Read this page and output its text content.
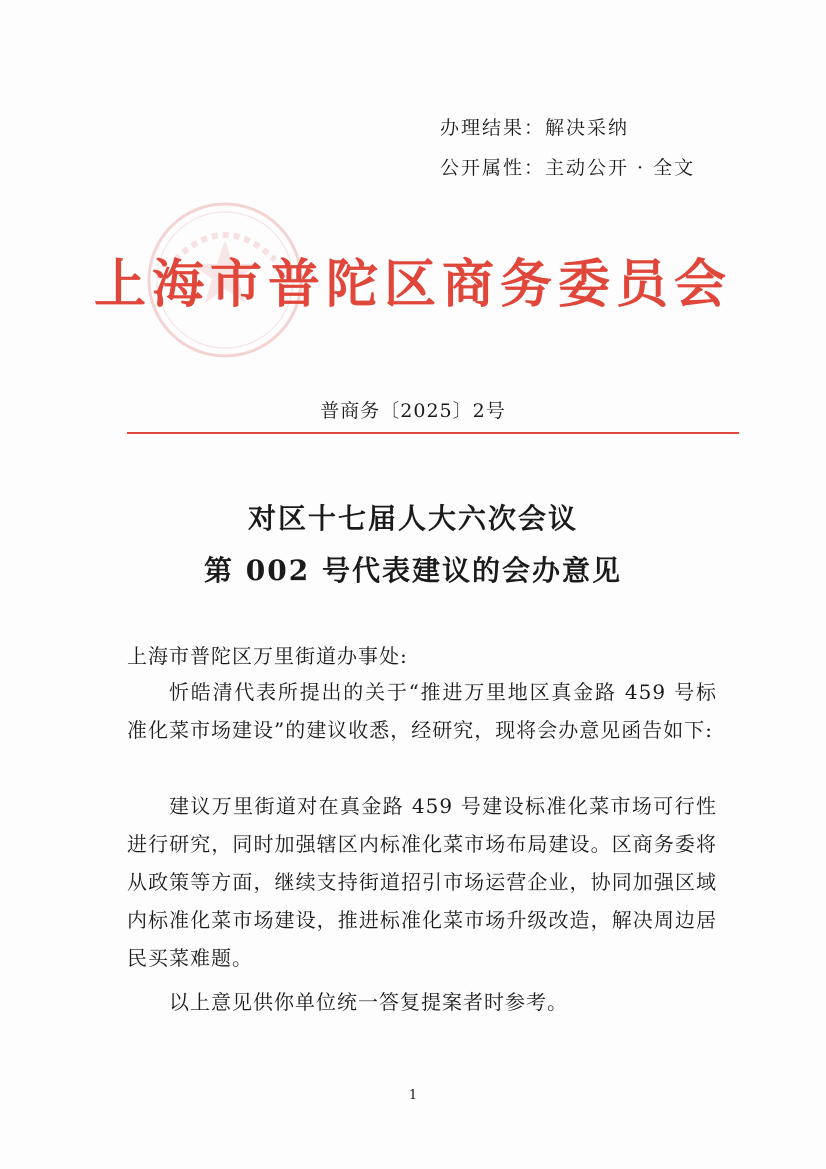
办理结果：解决采纳
公开属性：主动公开 · 全文
上海市普陀区商务委员会
普商务〔2025〕2号
对区十七届人大六次会议
第 002 号代表建议的会办意见
上海市普陀区万里街道办事处:

忻皓清代表所提出的关于“推进万里地区真金路 459 号标准化菜市场建设”的建议收悉，经研究，现将会办意见函告如下:

建议万里街道对在真金路 459 号建设标准化菜市场可行性进行研究，同时加强辖区内标准化菜市场布局建设。区商务委将从政策等方面，继续支持街道招引市场运营企业，协同加强区域内标准化菜市场建设，推进标准化菜市场升级改造，解决周边居民买菜难题。

以上意见供你单位统一答复提案者时参考。

1
